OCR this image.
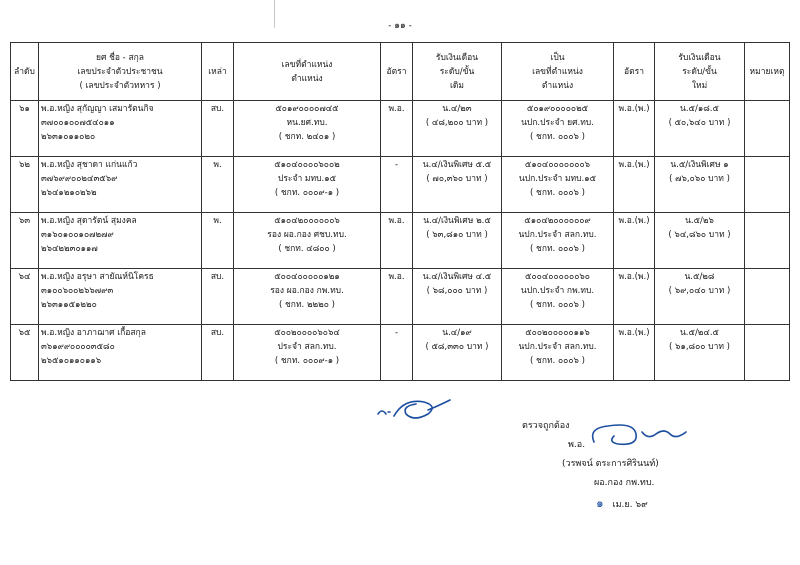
- ๑๑ -
ลำดับ	ยศ ชื่อ - สกุล
เลขประจำตัวประชาชน
( เลขประจำตัวทหาร )	เหล่า	เลขที่ตำแหน่ง
ตำแหน่ง	อัตรา	รับเงินเดือน
ระดับ/ขั้น
เดิม	เป็น
เลขที่ตำแหน่ง
ตำแหน่ง	อัตรา	รับเงินเดือน
ระดับ/ขั้น
ใหม่	หมายเหตุ

๖๑	พ.อ.หญิง สุกัญญา เสมารัตนกิจ
๓๗๐๐๑๐๐๗๕๔๐๑๑
๒๖๓๑๐๑๑๐๒๐	สบ.	๕๐๑๙๐๐๐๐๗๔๕
หน.ยศ.ทบ.
( ชกท. ๒๔๐๑ )	พ.อ.	น.๔/๒๓
( ๔๘,๒๐๐ บาท )	๕๐๑๙๐๐๐๐๐๒๕
นปก.ประจำ ยศ.ทบ.
( ชกท. ๐๐๐๖ )	พ.อ.(พ.)	น.๕/๑๘.๕
( ๕๐,๖๔๐ บาท )	

๖๒	พ.อ.หญิง สุชาดา แก่นแก้ว
๓๗๖๙๙๐๐๒๔๓๕๖๙
๒๖๔๑๒๑๐๒๖๒	พ.	๕๑๐๔๐๐๐๐๖๐๐๒
ประจำ มทบ.๑๕
( ชกท. ๐๐๐๙-๑ )	-	น.๔/เงินพิเศษ ๕.๕
( ๗๐,๓๖๐ บาท )	๕๑๐๔๐๐๐๐๐๐๐๖
นปก.ประจำ มทบ.๑๕
( ชกท. ๐๐๐๖ )	พ.อ.(พ.)	น.๕/เงินพิเศษ ๑
( ๗๖,๐๖๐ บาท )	

๖๓	พ.อ.หญิง สุดารัตน์ สุมงคล
๓๑๖๐๑๐๐๑๐๗๒๗๙
๒๖๔๒๒๓๐๑๑๗	พ.	๕๑๐๔๒๐๐๐๐๐๐๖
รอง ผอ.กอง ศชบ.ทบ.
( ชกท. ๔๘๐๐ )	พ.อ.	น.๔/เงินพิเศษ ๒.๕
( ๖๓,๘๑๐ บาท )	๕๑๐๔๒๐๐๐๐๐๐๙
นปก.ประจำ สลก.ทบ.
( ชกท. ๐๐๐๖ )	พ.อ.(พ.)	น.๕/๒๖
( ๖๔,๘๖๐ บาท )	

๖๔	พ.อ.หญิง อรุษา สายัณห์นิโครธ
๓๑๐๐๖๐๐๒๖๖๗๙๓
๒๖๓๑๑๕๑๒๒๐	สบ.	๕๐๐๔๐๐๐๐๐๑๒๑
รอง ผอ.กอง กพ.ทบ.
( ชกท. ๒๒๒๐ )	พ.อ.	น.๔/เงินพิเศษ ๔.๕
( ๖๘,๐๐๐ บาท )	๕๐๐๔๐๐๐๐๐๐๖๐
นปก.ประจำ กพ.ทบ.
( ชกท. ๐๐๐๖ )	พ.อ.(พ.)	น.๕/๒๘
( ๖๙,๐๔๐ บาท )	

๖๕	พ.อ.หญิง อาภาฌาศ เกื้อสกุล
๓๖๑๙๙๐๐๐๐๓๕๘๐
๒๖๕๑๐๑๑๐๑๑๖	สบ.	๕๐๐๒๐๐๐๐๖๐๖๔
ประจำ สลก.ทบ.
( ชกท. ๐๐๐๙-๑ )	-	น.๔/๑๙
( ๕๘,๓๓๐ บาท )	๕๐๐๒๐๐๐๐๐๑๑๖
นปก.ประจำ สลก.ทบ.
( ชกท. ๐๐๐๖ )	พ.อ.(พ.)	น.๕/๒๔.๕
( ๖๑,๘๐๐ บาท )	

ตรวจถูกต้อง
พ.อ.
(วรพจน์ ตระการศิรินนท์)
ผอ.กอง กพ.ทบ.
๑ เม.ย. ๖๙
